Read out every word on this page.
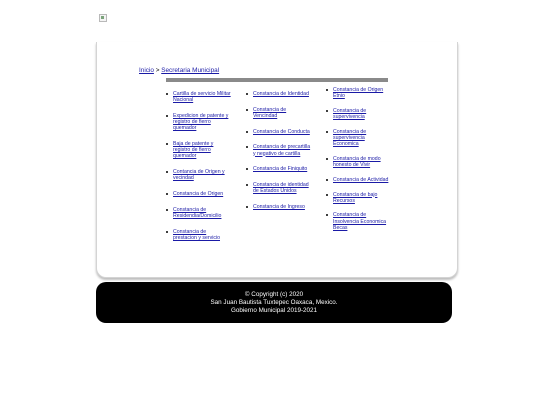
Inicio > Secretaria Municipal
Cartilla de servicio Militar Nacional
Expedicion de patente y registro de fierro quemador
Baja de patente y registro de fierro quemador
Contancia de Origen y vecindad
Constancia de Origen
Constancia de Residendia/Domicilio
Constancia de prestacion y servicio
Constancia de Identidad
Constancia de Vencindad
Constancia de Conducta
Constancia de precartilla y negativo de cartilla
Constancia de Finiquito
Constancia de identidad de Estados Unidos
Constancia de Ingreso
Constancia de Origen Etnio
Constancia de supervivencia
Constancia de supervivencia Economica
Constancia de modo honesto de Vivir
Constancia de Actividad
Constancia de bajo Recursos
Constancia de Insolvencia Economica Becas
© Copyright (c) 2020
San Juan Bautista Tuxtepec Oaxaca, Mexico.
Gobierno Municipal 2019-2021
